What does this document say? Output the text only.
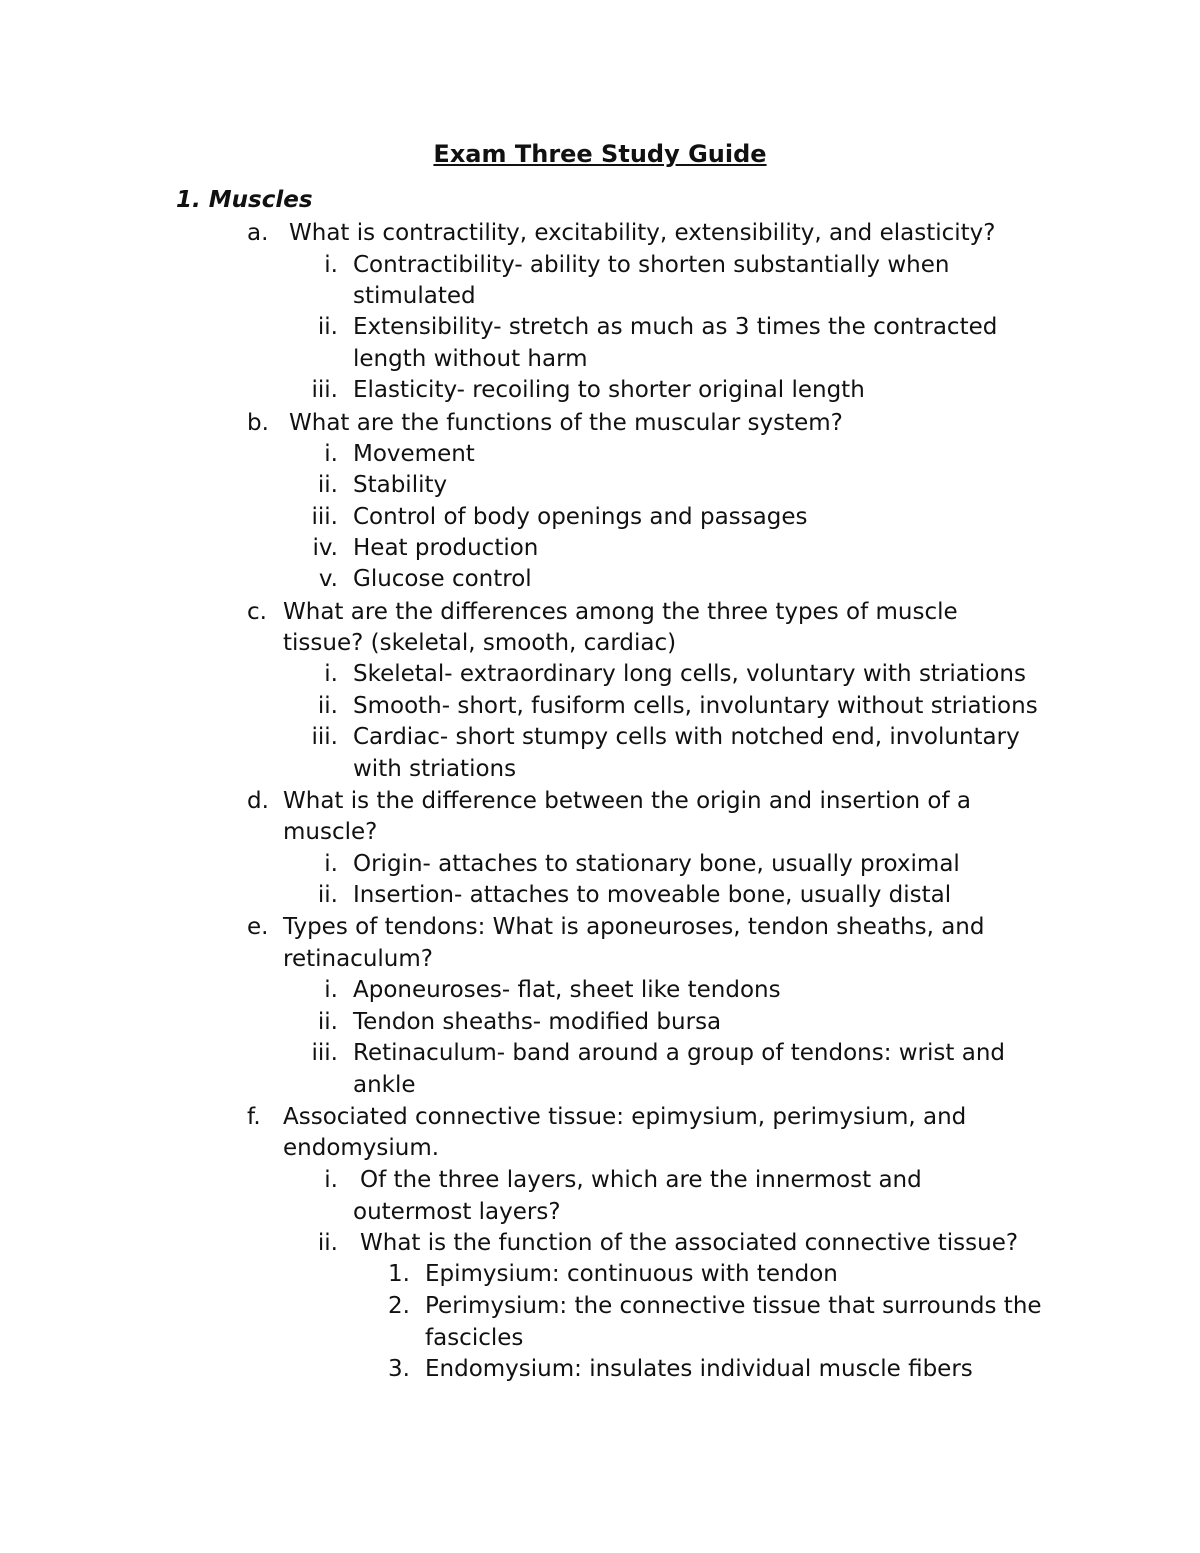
Exam Three Study Guide
1. Muscles
a. What is contractility, excitability, extensibility, and elasticity?
i. Contractibility- ability to shorten substantially when
stimulated
ii. Extensibility- stretch as much as 3 times the contracted
length without harm
iii. Elasticity- recoiling to shorter original length
b. What are the functions of the muscular system?
i. Movement
ii. Stability
iii. Control of body openings and passages
iv. Heat production
v. Glucose control
c. What are the differences among the three types of muscle
tissue? (skeletal, smooth, cardiac)
i. Skeletal- extraordinary long cells, voluntary with striations
ii. Smooth- short, fusiform cells, involuntary without striations
iii. Cardiac- short stumpy cells with notched end, involuntary
with striations
d. What is the difference between the origin and insertion of a
muscle?
i. Origin- attaches to stationary bone, usually proximal
ii. Insertion- attaches to moveable bone, usually distal
e. Types of tendons: What is aponeuroses, tendon sheaths, and
retinaculum?
i. Aponeuroses- flat, sheet like tendons
ii. Tendon sheaths- modified bursa
iii. Retinaculum- band around a group of tendons: wrist and
ankle
f. Associated connective tissue: epimysium, perimysium, and
endomysium.
i. Of the three layers, which are the innermost and
outermost layers?
ii. What is the function of the associated connective tissue?
1. Epimysium: continuous with tendon
2. Perimysium: the connective tissue that surrounds the
fascicles
3. Endomysium: insulates individual muscle fibers
